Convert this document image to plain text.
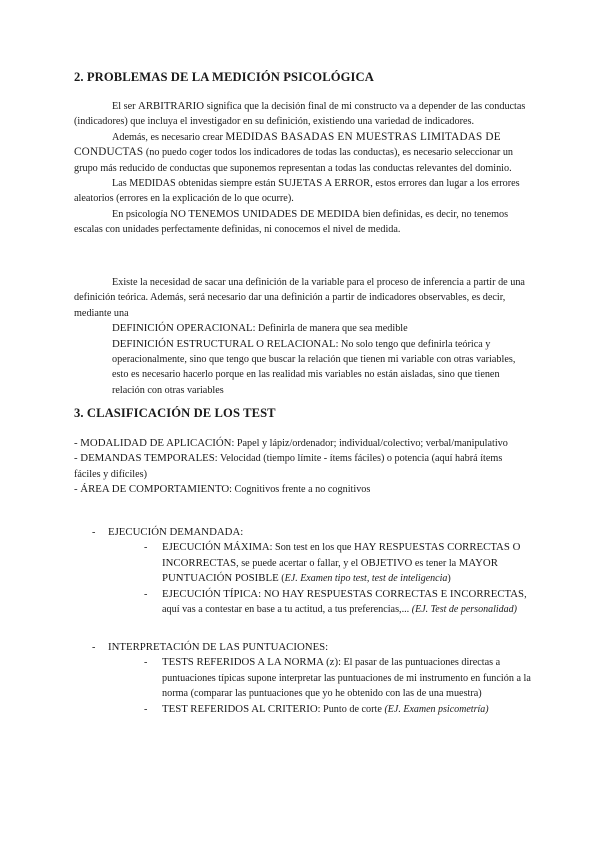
2. PROBLEMAS DE LA MEDICIÓN PSICOLÓGICA

El ser ARBITRARIO significa que la decisión final de mi constructo va a depender de las conductas (indicadores) que incluya el investigador en su definición, existiendo una variedad de indicadores.

Además, es necesario crear MEDIDAS BASADAS EN MUESTRAS LIMITADAS DE CONDUCTAS (no puedo coger todos los indicadores de todas las conductas), es necesario seleccionar un grupo más reducido de conductas que suponemos representan a todas las conductas relevantes del dominio.

Las MEDIDAS obtenidas siempre están SUJETAS A ERROR, estos errores dan lugar a los errores aleatorios (errores en la explicación de lo que ocurre).

En psicología NO TENEMOS UNIDADES DE MEDIDA bien definidas, es decir, no tenemos escalas con unidades perfectamente definidas, ni conocemos el nivel de medida.

Existe la necesidad de sacar una definición de la variable para el proceso de inferencia a partir de una definición teórica. Además, será necesario dar una definición a partir de indicadores observables, es decir, mediante una

DEFINICIÓN OPERACIONAL: Definirla de manera que sea medible

DEFINICIÓN ESTRUCTURAL O RELACIONAL: No solo tengo que definirla teórica y operacionalmente, sino que tengo que buscar la relación que tienen mi variable con otras variables, esto es necesario hacerlo porque en las realidad mis variables no están aisladas, sino que tienen relación con otras variables

3. CLASIFICACIÓN DE LOS TEST

- MODALIDAD DE APLICACIÓN: Papel y lápiz/ordenador; individual/colectivo; verbal/manipulativo

- DEMANDAS TEMPORALES: Velocidad (tiempo límite - ítems fáciles) o potencia (aquí habrá ítems fáciles y difíciles)

- ÁREA DE COMPORTAMIENTO: Cognitivos frente a no cognitivos

- EJECUCIÓN DEMANDADA:
- EJECUCIÓN MÁXIMA: Son test en los que HAY RESPUESTAS CORRECTAS O INCORRECTAS, se puede acertar o fallar, y el OBJETIVO es tener la MAYOR PUNTUACIÓN POSIBLE (EJ. Examen tipo test, test de inteligencia)
- EJECUCIÓN TÍPICA: NO HAY RESPUESTAS CORRECTAS E INCORRECTAS, aquí vas a contestar en base a tu actitud, a tus preferencias,... (EJ. Test de personalidad)
- INTERPRETACIÓN DE LAS PUNTUACIONES:
- TESTS REFERIDOS A LA NORMA (z): El pasar de las puntuaciones directas a puntuaciones típicas supone interpretar las puntuaciones de mi instrumento en función a la norma (comparar las puntuaciones que yo he obtenido con las de una muestra)
- TEST REFERIDOS AL CRITERIO: Punto de corte (EJ. Examen psicometría)
